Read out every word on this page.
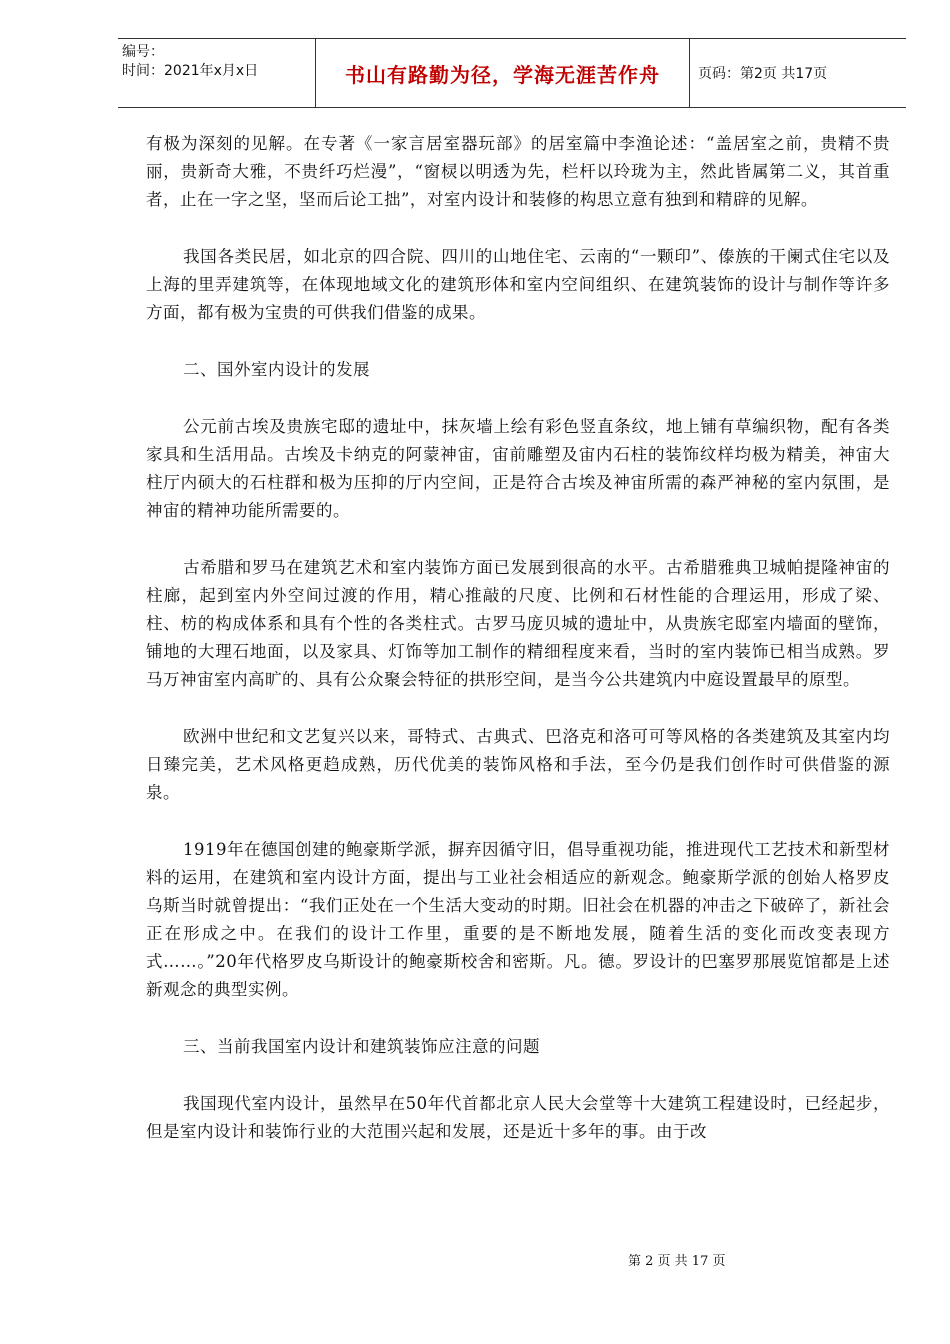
编号：
时间：2021年x月x日	书山有路勤为径，学海无涯苦作舟	页码：第2页 共17页

有极为深刻的见解。在专著《一家言居室器玩部》的居室篇中李渔论述：“盖居室之前，贵精不贵丽，贵新奇大雅，不贵纤巧烂漫”，“窗棂以明透为先，栏杆以玲珑为主，然此皆属第二义，其首重者，止在一字之坚，坚而后论工拙”，对室内设计和装修的构思立意有独到和精辟的见解。

我国各类民居，如北京的四合院、四川的山地住宅、云南的“一颗印”、傣族的干阑式住宅以及上海的里弄建筑等，在体现地域文化的建筑形体和室内空间组织、在建筑装饰的设计与制作等许多方面，都有极为宝贵的可供我们借鉴的成果。

二、国外室内设计的发展

公元前古埃及贵族宅邸的遗址中，抹灰墙上绘有彩色竖直条纹，地上铺有草编织物，配有各类家具和生活用品。古埃及卡纳克的阿蒙神宙，宙前雕塑及宙内石柱的装饰纹样均极为精美，神宙大柱厅内硕大的石柱群和极为压抑的厅内空间，正是符合古埃及神宙所需的森严神秘的室内氛围，是神宙的精神功能所需要的。

古希腊和罗马在建筑艺术和室内装饰方面已发展到很高的水平。古希腊雅典卫城帕提隆神宙的柱廊，起到室内外空间过渡的作用，精心推敲的尺度、比例和石材性能的合理运用，形成了梁、柱、枋的构成体系和具有个性的各类柱式。古罗马庞贝城的遗址中，从贵族宅邸室内墙面的壁饰，铺地的大理石地面，以及家具、灯饰等加工制作的精细程度来看，当时的室内装饰已相当成熟。罗马万神宙室内高旷的、具有公众聚会特征的拱形空间，是当今公共建筑内中庭设置最早的原型。

欧洲中世纪和文艺复兴以来，哥特式、古典式、巴洛克和洛可可等风格的各类建筑及其室内均日臻完美，艺术风格更趋成熟，历代优美的装饰风格和手法，至今仍是我们创作时可供借鉴的源泉。

1919年在德国创建的鲍豪斯学派，摒弃因循守旧，倡导重视功能，推进现代工艺技术和新型材料的运用，在建筑和室内设计方面，提出与工业社会相适应的新观念。鲍豪斯学派的创始人格罗皮乌斯当时就曾提出：“我们正处在一个生活大变动的时期。旧社会在机器的冲击之下破碎了，新社会正在形成之中。在我们的设计工作里，重要的是不断地发展，随着生活的变化而改变表现方式……。”20年代格罗皮乌斯设计的鲍豪斯校舍和密斯。凡。德。罗设计的巴塞罗那展览馆都是上述新观念的典型实例。

三、当前我国室内设计和建筑装饰应注意的问题

我国现代室内设计，虽然早在50年代首都北京人民大会堂等十大建筑工程建设时，已经起步，但是室内设计和装饰行业的大范围兴起和发展，还是近十多年的事。由于改

第 2 页 共 17 页
